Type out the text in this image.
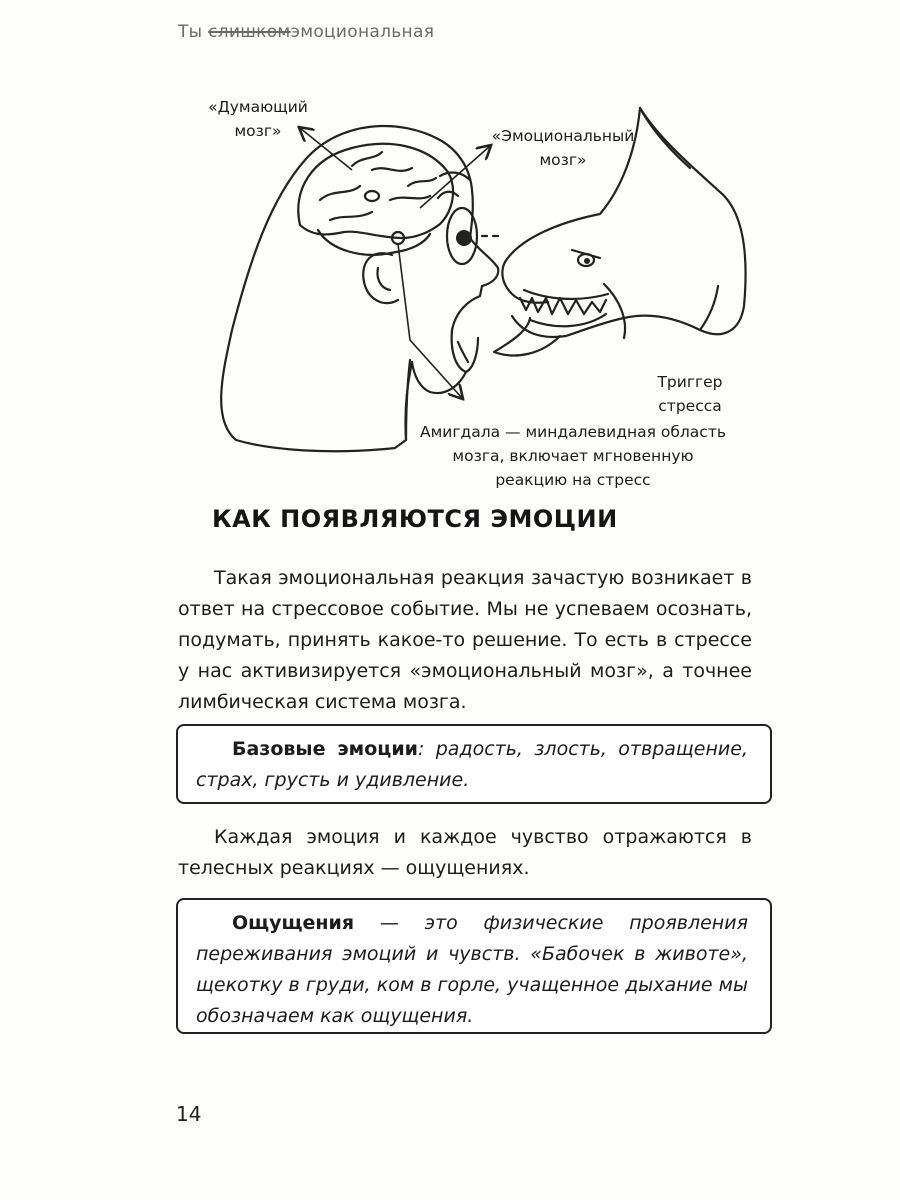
Ты слишкомэмоциональная
«Думающий мозг»	«Эмоциональный мозг»
Триггер стресса
Амигдала — миндалевидная область мозга, включает мгновенную реакцию на стресс
КАК ПОЯВЛЯЮТСЯ ЭМОЦИИ

Такая эмоциональная реакция зачастую возникает в ответ на стрессовое событие. Мы не успеваем осознать, подумать, принять какое-то решение. То есть в стрессе у нас активизируется «эмоциональный мозг», а точнее лимбическая система мозга.

Базовые эмоции: радость, злость, отвращение, страх, грусть и удивление.

Каждая эмоция и каждое чувство отражаются в телесных реакциях — ощущениях.

Ощущения — это физические проявления переживания эмоций и чувств. «Бабочек в животе», щекотку в груди, ком в горле, учащенное дыхание мы обозначаем как ощущения.

14
